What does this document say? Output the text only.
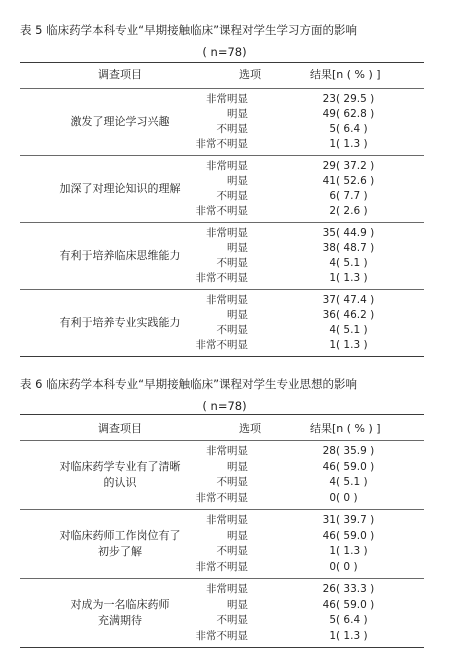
表 5 临床药学本科专业“早期接触临床”课程对学生学习方面的影响
( n=78)
调查项目	选项	结果[n ( % ) ]
激发了理论学习兴趣
非常明显	23( 29.5 )
明显	49( 62.8 )
不明显	5( 6.4 )
非常不明显	1( 1.3 )
加深了对理论知识的理解
非常明显	29( 37.2 )
明显	41( 52.6 )
不明显	6( 7.7 )
非常不明显	2( 2.6 )
有利于培养临床思维能力
非常明显	35( 44.9 )
明显	38( 48.7 )
不明显	4( 5.1 )
非常不明显	1( 1.3 )
有利于培养专业实践能力
非常明显	37( 47.4 )
明显	36( 46.2 )
不明显	4( 5.1 )
非常不明显	1( 1.3 )
表 6 临床药学本科专业“早期接触临床”课程对学生专业思想的影响
( n=78)
调查项目	选项	结果[n ( % ) ]
对临床药学专业有了清晰
的认识
非常明显	28( 35.9 )
明显	46( 59.0 )
不明显	4( 5.1 )
非常不明显	0( 0 )
对临床药师工作岗位有了
初步了解
非常明显	31( 39.7 )
明显	46( 59.0 )
不明显	1( 1.3 )
非常不明显	0( 0 )
对成为一名临床药师
充满期待
非常明显	26( 33.3 )
明显	46( 59.0 )
不明显	5( 6.4 )
非常不明显	1( 1.3 )
